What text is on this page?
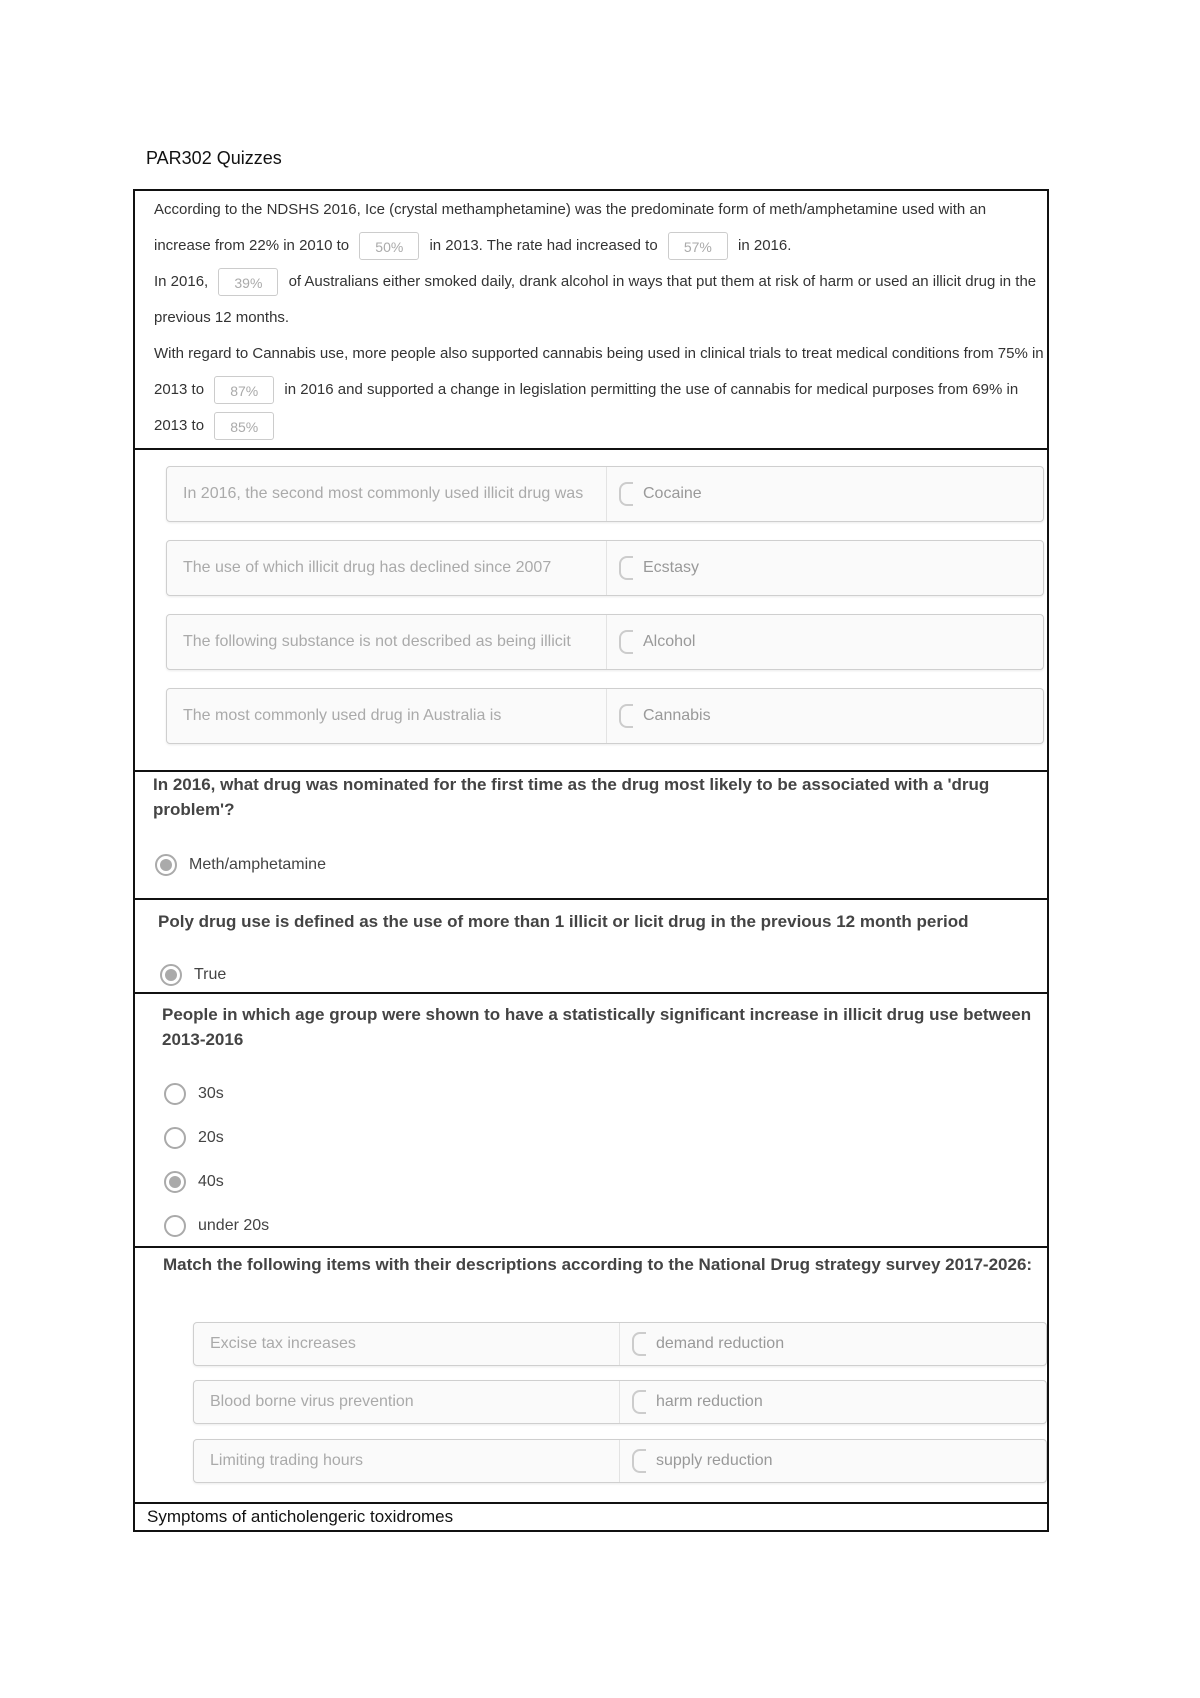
PAR302 Quizzes

According to the NDSHS 2016, Ice (crystal methamphetamine) was the predominate form of meth/amphetamine used with an increase from 22% in 2010 to 50% in 2013. The rate had increased to 57% in 2016.

In 2016, 39% of Australians either smoked daily, drank alcohol in ways that put them at risk of harm or used an illicit drug in the previous 12 months.

With regard to Cannabis use, more people also supported cannabis being used in clinical trials to treat medical conditions from 75% in 2013 to 87% in 2016 and supported a change in legislation permitting the use of cannabis for medical purposes from 69% in 2013 to 85%

In 2016, the second most commonly used illicit drug was	Cocaine
The use of which illicit drug has declined since 2007	Ecstasy
The following substance is not described as being illicit	Alcohol
The most commonly used drug in Australia is	Cannabis
In 2016, what drug was nominated for the first time as the drug most likely to be associated with a 'drug problem'?
Meth/amphetamine
Poly drug use is defined as the use of more than 1 illicit or licit drug in the previous 12 month period
True
People in which age group were shown to have a statistically significant increase in illicit drug use between 2013-2016
30s
20s
40s
under 20s
Match the following items with their descriptions according to the National Drug strategy survey 2017-2026:
Excise tax increases	demand reduction
Blood borne virus prevention	harm reduction
Limiting trading hours	supply reduction
Symptoms of anticholengeric toxidromes
